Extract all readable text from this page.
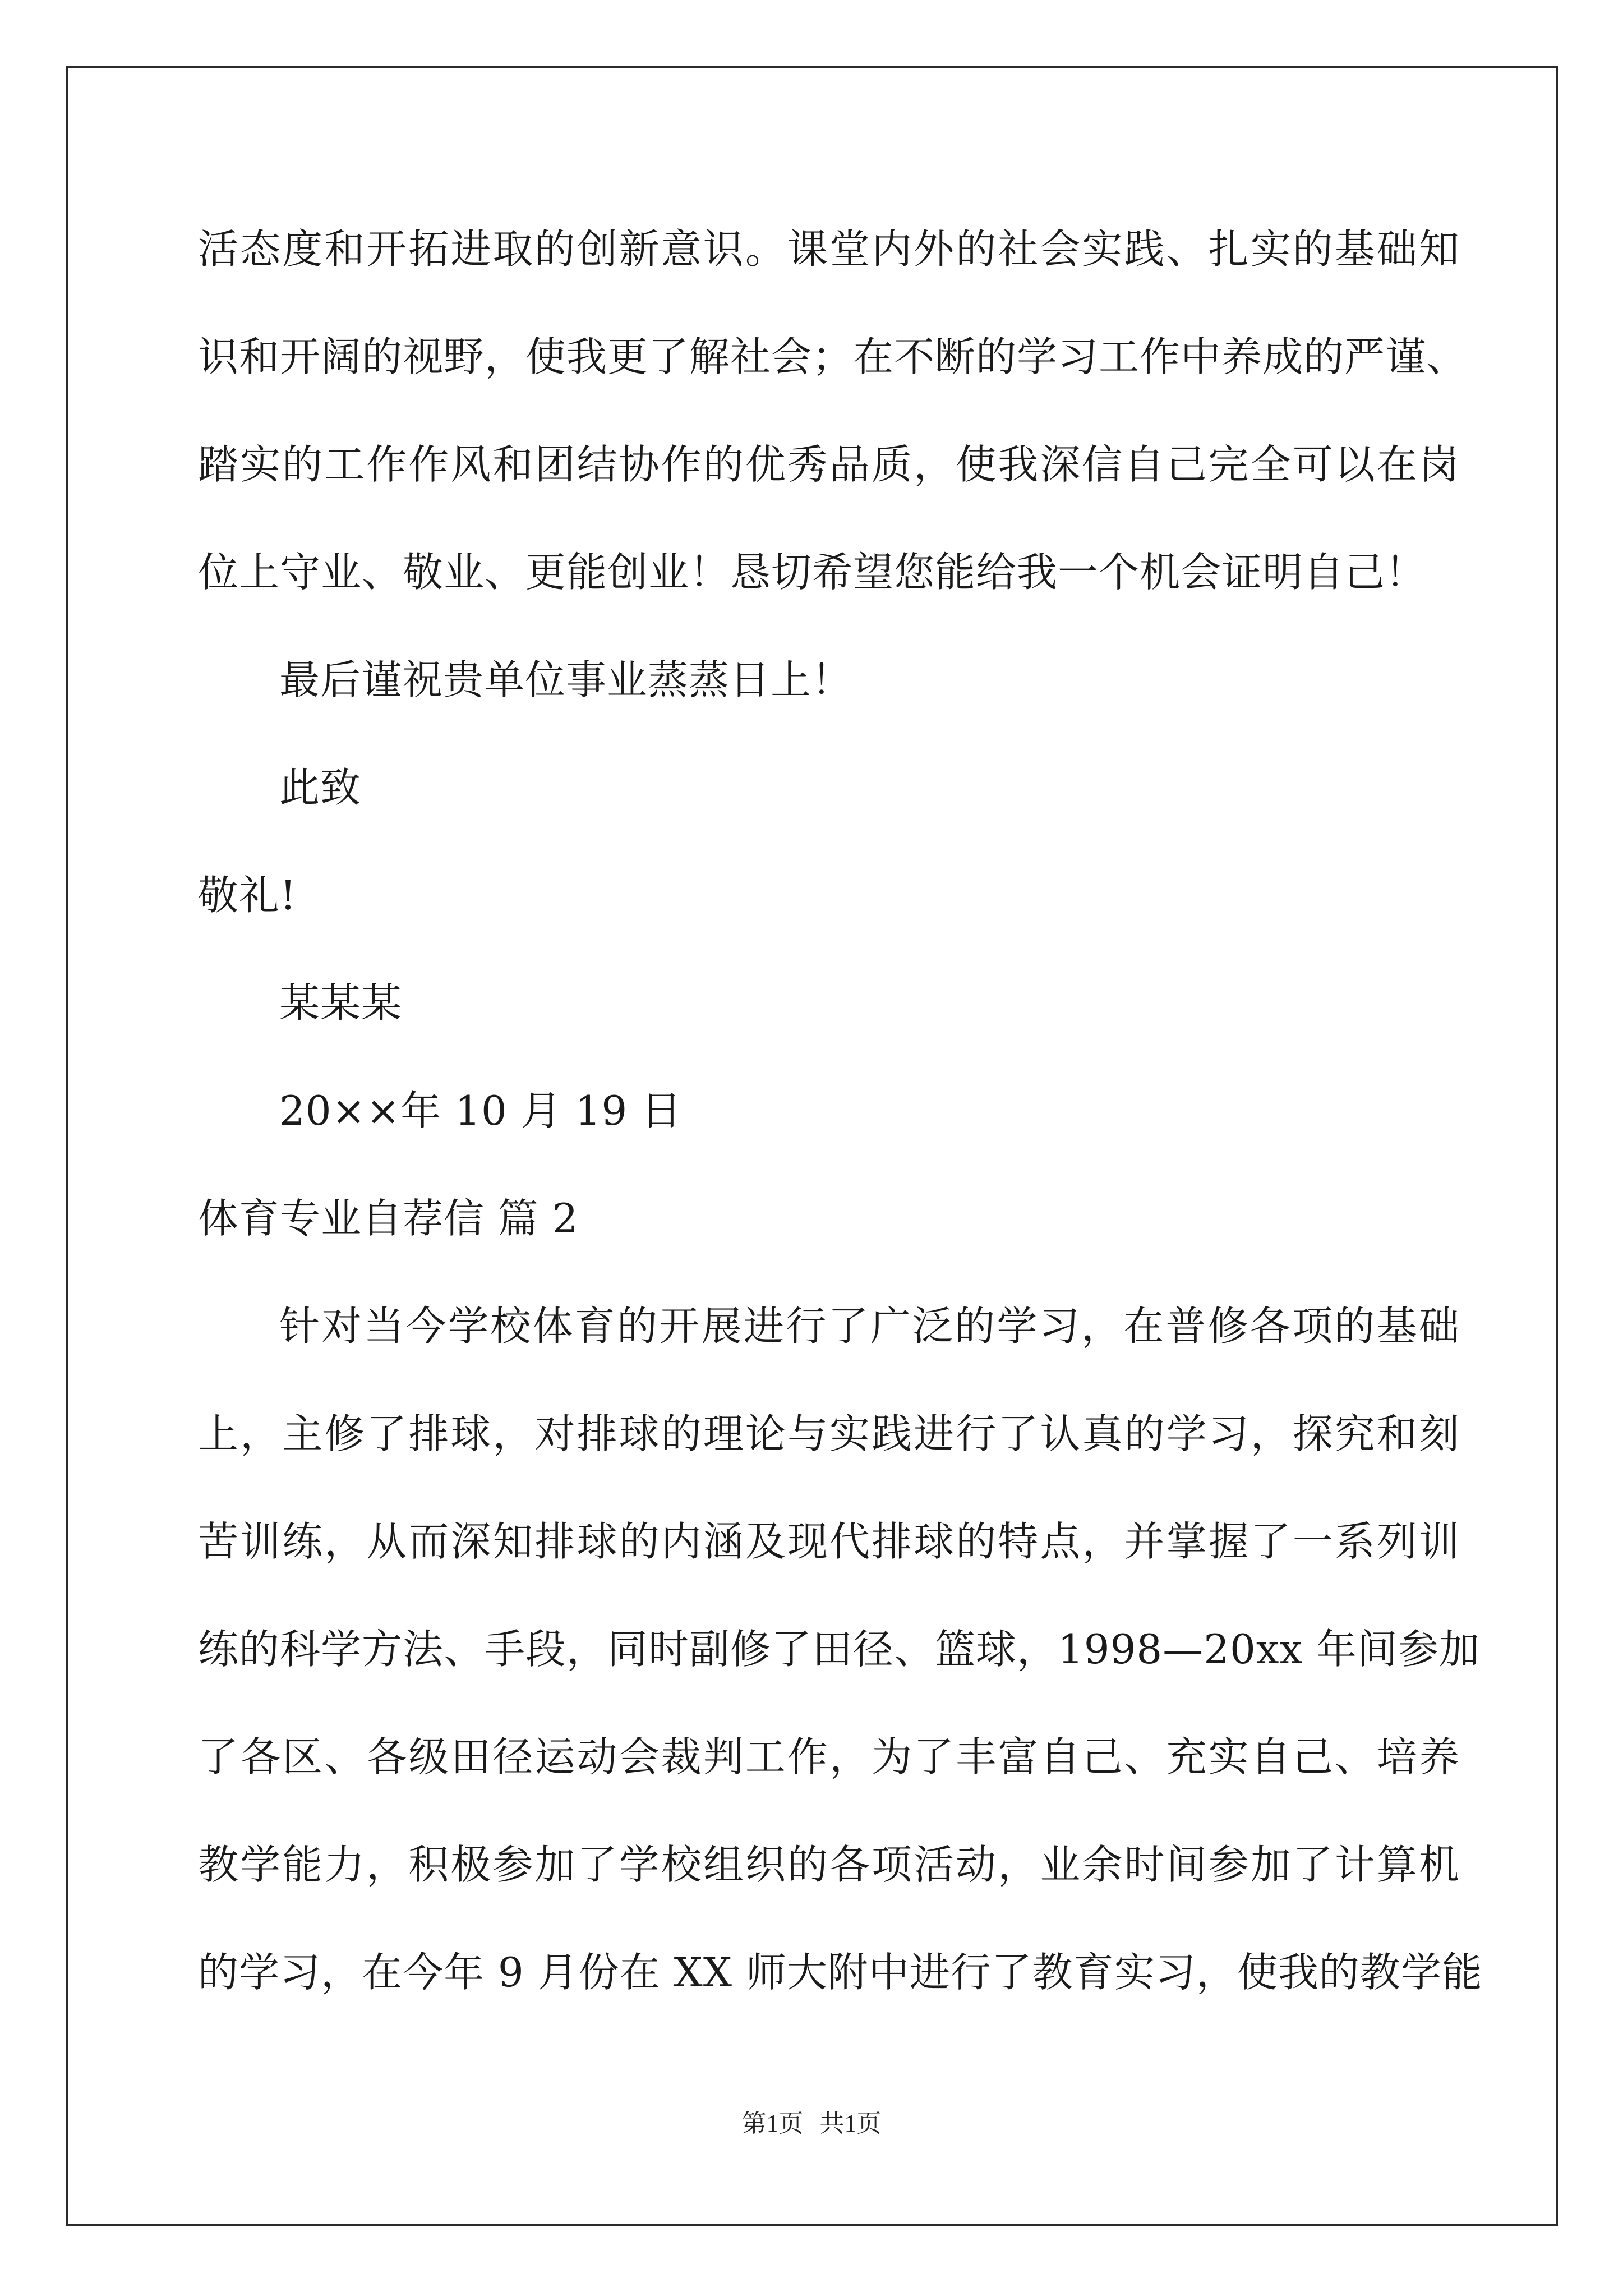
活态度和开拓进取的创新意识。课堂内外的社会实践、扎实的基础知
识和开阔的视野，使我更了解社会；在不断的学习工作中养成的严谨、
踏实的工作作风和团结协作的优秀品质，使我深信自己完全可以在岗
位上守业、敬业、更能创业！恳切希望您能给我一个机会证明自己！
最后谨祝贵单位事业蒸蒸日上！
此致
敬礼!
某某某
20××年 10 月 19 日
体育专业自荐信 篇 2
针对当今学校体育的开展进行了广泛的学习，在普修各项的基础
上，主修了排球，对排球的理论与实践进行了认真的学习，探究和刻
苦训练，从而深知排球的内涵及现代排球的特点，并掌握了一系列训
练的科学方法、手段，同时副修了田径、篮球，1998—20xx 年间参加
了各区、各级田径运动会裁判工作，为了丰富自己、充实自己、培养
教学能力，积极参加了学校组织的各项活动，业余时间参加了计算机
的学习，在今年 9 月份在 XX 师大附中进行了教育实习，使我的教学能
第1页 共1页
